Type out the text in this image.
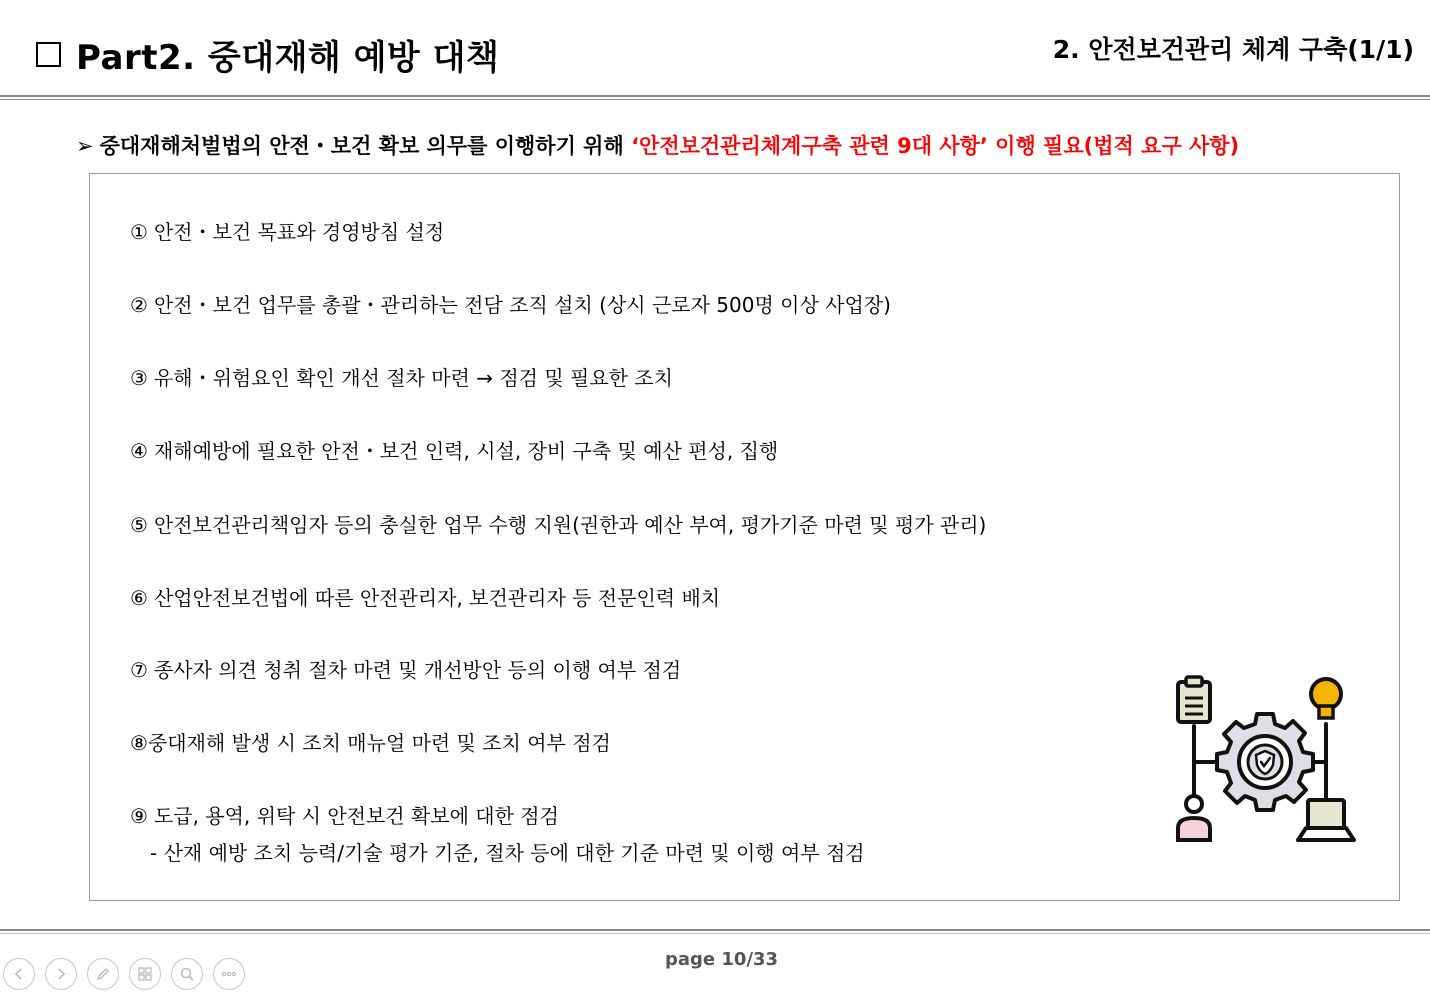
Part2. 중대재해 예방 대책	2. 안전보건관리 체계 구축(1/1)
➢ 중대재해처벌법의 안전・보건 확보 의무를 이행하기 위해 ‘안전보건관리체계구축 관련 9대 사항’ 이행 필요(법적 요구 사항)
① 안전・보건 목표와 경영방침 설정
② 안전・보건 업무를 총괄・관리하는 전담 조직 설치 (상시 근로자 500명 이상 사업장)
③ 유해・위험요인 확인 개선 절차 마련 → 점검 및 필요한 조치
④ 재해예방에 필요한 안전・보건 인력, 시설, 장비 구축 및 예산 편성, 집행
⑤ 안전보건관리책임자 등의 충실한 업무 수행 지원(권한과 예산 부여, 평가기준 마련 및 평가 관리)
⑥ 산업안전보건법에 따른 안전관리자, 보건관리자 등 전문인력 배치
⑦ 종사자 의견 청취 절차 마련 및 개선방안 등의 이행 여부 점검
⑧중대재해 발생 시 조치 매뉴얼 마련 및 조치 여부 점검
⑨ 도급, 용역, 위탁 시 안전보건 확보에 대한 점검
- 산재 예방 조치 능력/기술 평가 기준, 절차 등에 대한 기준 마련 및 이행 여부 점검
page 10/33
